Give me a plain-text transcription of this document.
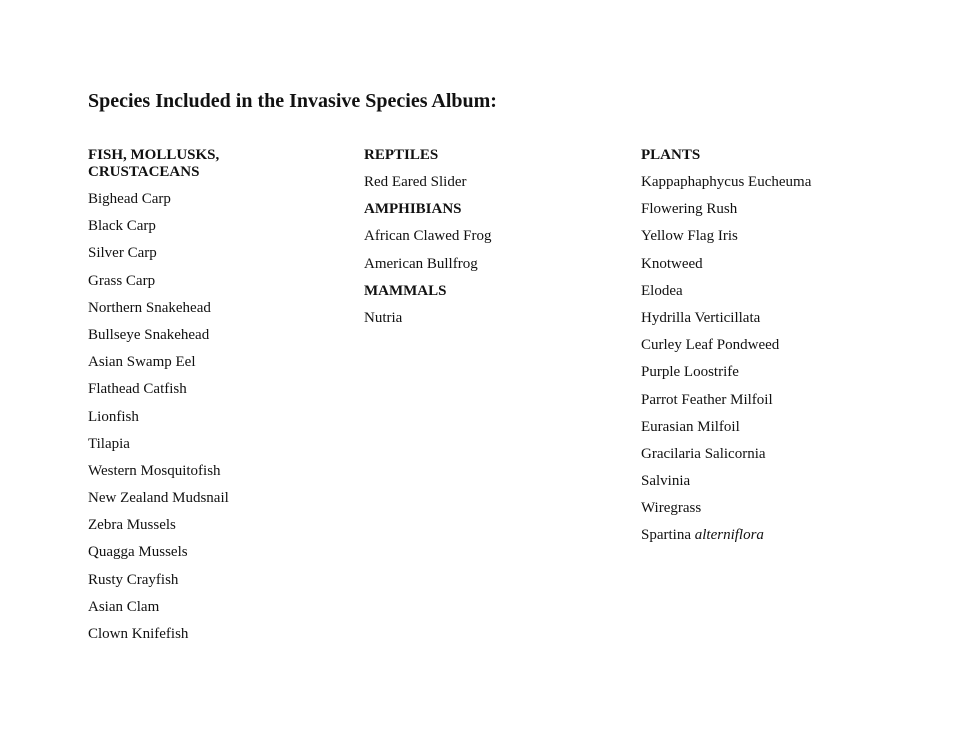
Species Included in the Invasive Species Album:
FISH, MOLLUSKS, CRUSTACEANS
Bighead Carp
Black Carp
Silver Carp
Grass Carp
Northern Snakehead
Bullseye Snakehead
Asian Swamp Eel
Flathead Catfish
Lionfish
Tilapia
Western Mosquitofish
New Zealand Mudsnail
Zebra Mussels
Quagga Mussels
Rusty Crayfish
Asian Clam
Clown Knifefish
REPTILES
Red Eared Slider
AMPHIBIANS
African Clawed Frog
American Bullfrog
MAMMALS
Nutria
PLANTS
Kappaphaphycus Eucheuma
Flowering Rush
Yellow Flag Iris
Knotweed
Elodea
Hydrilla Verticillata
Curley Leaf Pondweed
Purple Loostrife
Parrot Feather Milfoil
Eurasian Milfoil
Gracilaria Salicornia
Salvinia
Wiregrass
Spartina alterniflora
